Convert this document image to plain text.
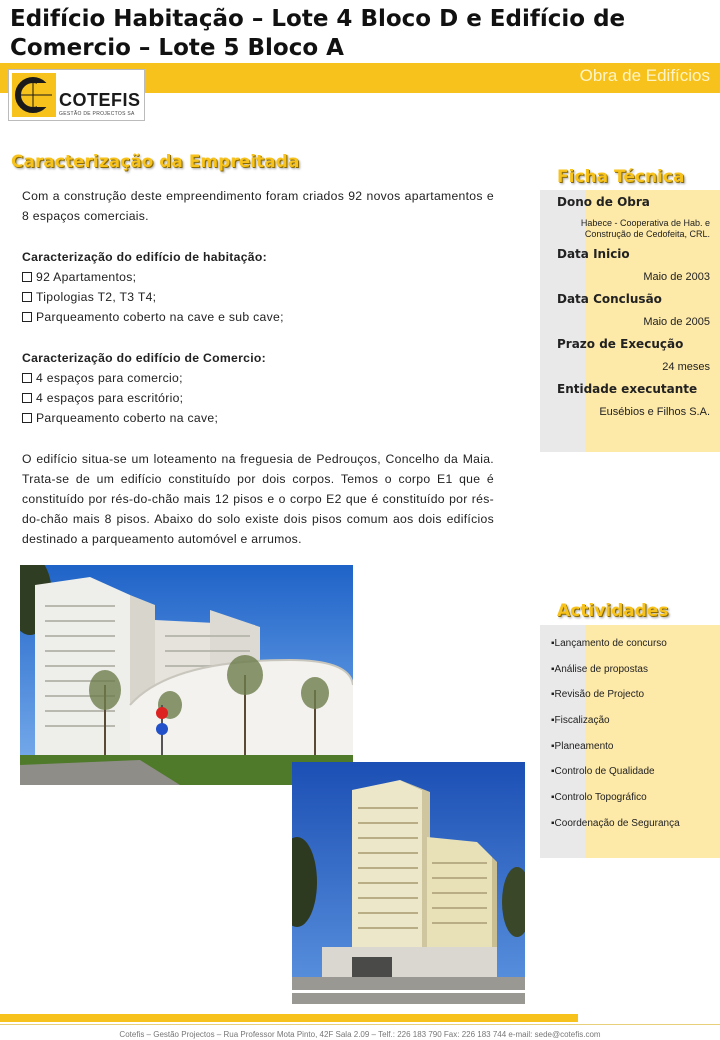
Edifício Habitação – Lote 4 Bloco D e Edifício de Comercio – Lote 5 Bloco A
Obra de Edifícios
COTEFIS
GESTÃO DE PROJECTOS SA
Caracterização da Empreitada

Com a construção deste empreendimento foram criados 92 novos apartamentos e 8 espaços comerciais.

Caracterização do edifício de habitação:

92 Apartamentos;
Tipologias T2, T3 T4;
Parqueamento coberto na cave e sub cave;

Caracterização do edifício de Comercio:

4 espaços para comercio;
4 espaços para escritório;
Parqueamento coberto na cave;

O edifício situa-se um loteamento na freguesia de Pedrouços, Concelho da Maia. Trata-se de um edifício constituído por dois corpos. Temos o corpo E1 que é constituído por rés-do-chão mais 12 pisos e o corpo E2 que é constituído por rés-do-chão mais 8 pisos. Abaixo do solo existe dois pisos comum aos dois edifícios destinado a parqueamento automóvel e arrumos.

Ficha Técnica
Dono de Obra
Habece - Cooperativa de Hab. e
Construção de Cedofeita, CRL.
Data Inicio
Maio de 2003
Data Conclusão
Maio de 2005
Prazo de Execução
24 meses
Entidade executante
Eusébios e Filhos S.A.
Actividades
▪Lançamento de concurso
▪Análise de propostas
▪Revisão de Projecto
▪Fiscalização
▪Planeamento
▪Controlo de Qualidade
▪Controlo Topográfico
▪Coordenação de Segurança
Cotefis – Gestão Projectos – Rua Professor Mota Pinto, 42F Sala 2.09 – Telf.: 226 183 790 Fax: 226 183 744 e-mail: sede@cotefis.com
